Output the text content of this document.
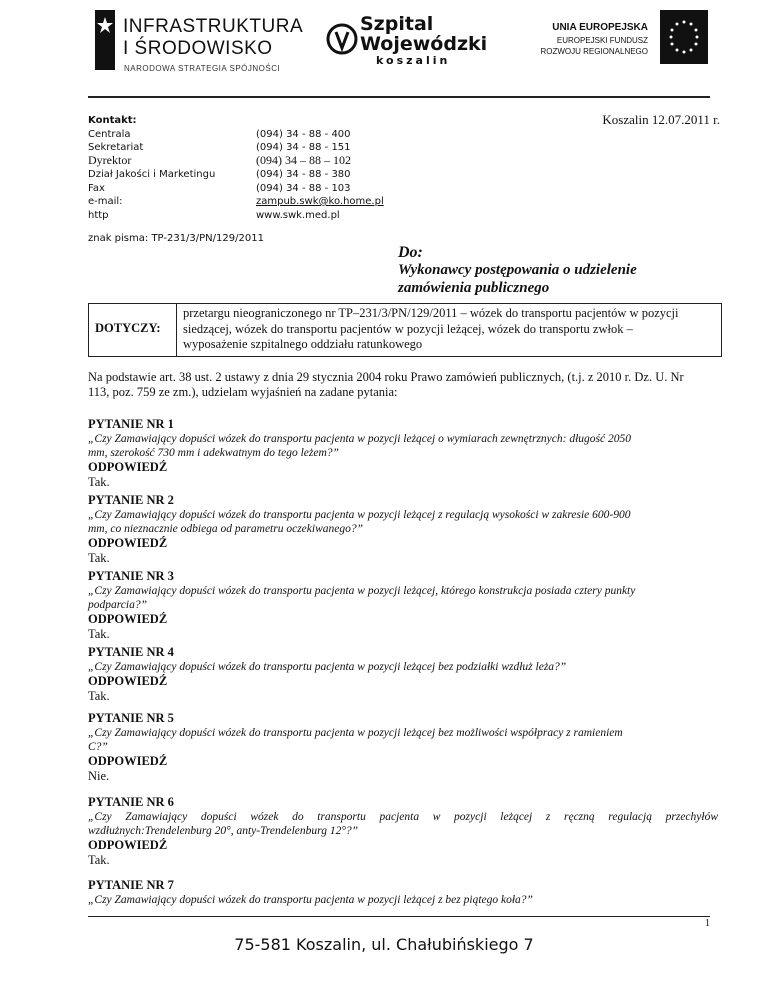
INFRASTRUKTURA
I ŚRODOWISKO
NARODOWA STRATEGIA SPÓJNOŚCI
Szpital
Wojewódzki
koszalin
UNIA EUROPEJSKA
EUROPEJSKI FUNDUSZ
ROZWOJU REGIONALNEGO
Kontakt:
Centrala
Sekretariat
Dyrektor
Dział Jakości i Marketingu
Fax
e-mail:
http
(094) 34 - 88 - 400
(094) 34 - 88 - 151
(094) 34 – 88 – 102
(094) 34 - 88 - 380
(094) 34 - 88 - 103
zampub.swk@ko.home.pl
www.swk.med.pl
Koszalin 12.07.2011 r.
znak pisma: TP-231/3/PN/129/2011
Do:
Wykonawcy postępowania o udzielenie
zamówienia publicznego
DOTYCZY:
przetargu nieograniczonego nr TP–231/3/PN/129/2011 – wózek do transportu pacjentów w pozycji
siedzącej, wózek do transportu pacjentów w pozycji leżącej, wózek do transportu zwłok –
wyposażenie szpitalnego oddziału ratunkowego
Na podstawie art. 38 ust. 2 ustawy z dnia 29 stycznia 2004 roku Prawo zamówień publicznych, (t.j. z 2010 r. Dz. U. Nr
113, poz. 759 ze zm.), udzielam wyjaśnień na zadane pytania:
PYTANIE NR 1
„Czy Zamawiający dopuści wózek do transportu pacjenta w pozycji leżącej o wymiarach zewnętrznych: długość 2050
mm, szerokość 730 mm i adekwatnym do tego leżem?”
ODPOWIEDŹ
Tak.
PYTANIE NR 2
„Czy Zamawiający dopuści wózek do transportu pacjenta w pozycji leżącej z regulacją wysokości w zakresie 600-900
mm, co nieznacznie odbiega od parametru oczekiwanego?”
ODPOWIEDŹ
Tak.
PYTANIE NR 3
„Czy Zamawiający dopuści wózek do transportu pacjenta w pozycji leżącej, którego konstrukcja posiada cztery punkty
podparcia?”
ODPOWIEDŹ
Tak.
PYTANIE NR 4
„Czy Zamawiający dopuści wózek do transportu pacjenta w pozycji leżącej bez podziałki wzdłuż leża?”
ODPOWIEDŹ
Tak.
PYTANIE NR 5
„Czy Zamawiający dopuści wózek do transportu pacjenta w pozycji leżącej bez możliwości współpracy z ramieniem
C?”
ODPOWIEDŹ
Nie.
PYTANIE NR 6
„Czy Zamawiający dopuści wózek do transportu pacjenta w pozycji leżącej z ręczną regulacją przechyłów
wzdłużnych:Trendelenburg 20°, anty-Trendelenburg 12°?”
ODPOWIEDŹ
Tak.
PYTANIE NR 7
„Czy Zamawiający dopuści wózek do transportu pacjenta w pozycji leżącej z bez piątego koła?”
1
75-581 Koszalin, ul. Chałubińskiego 7
